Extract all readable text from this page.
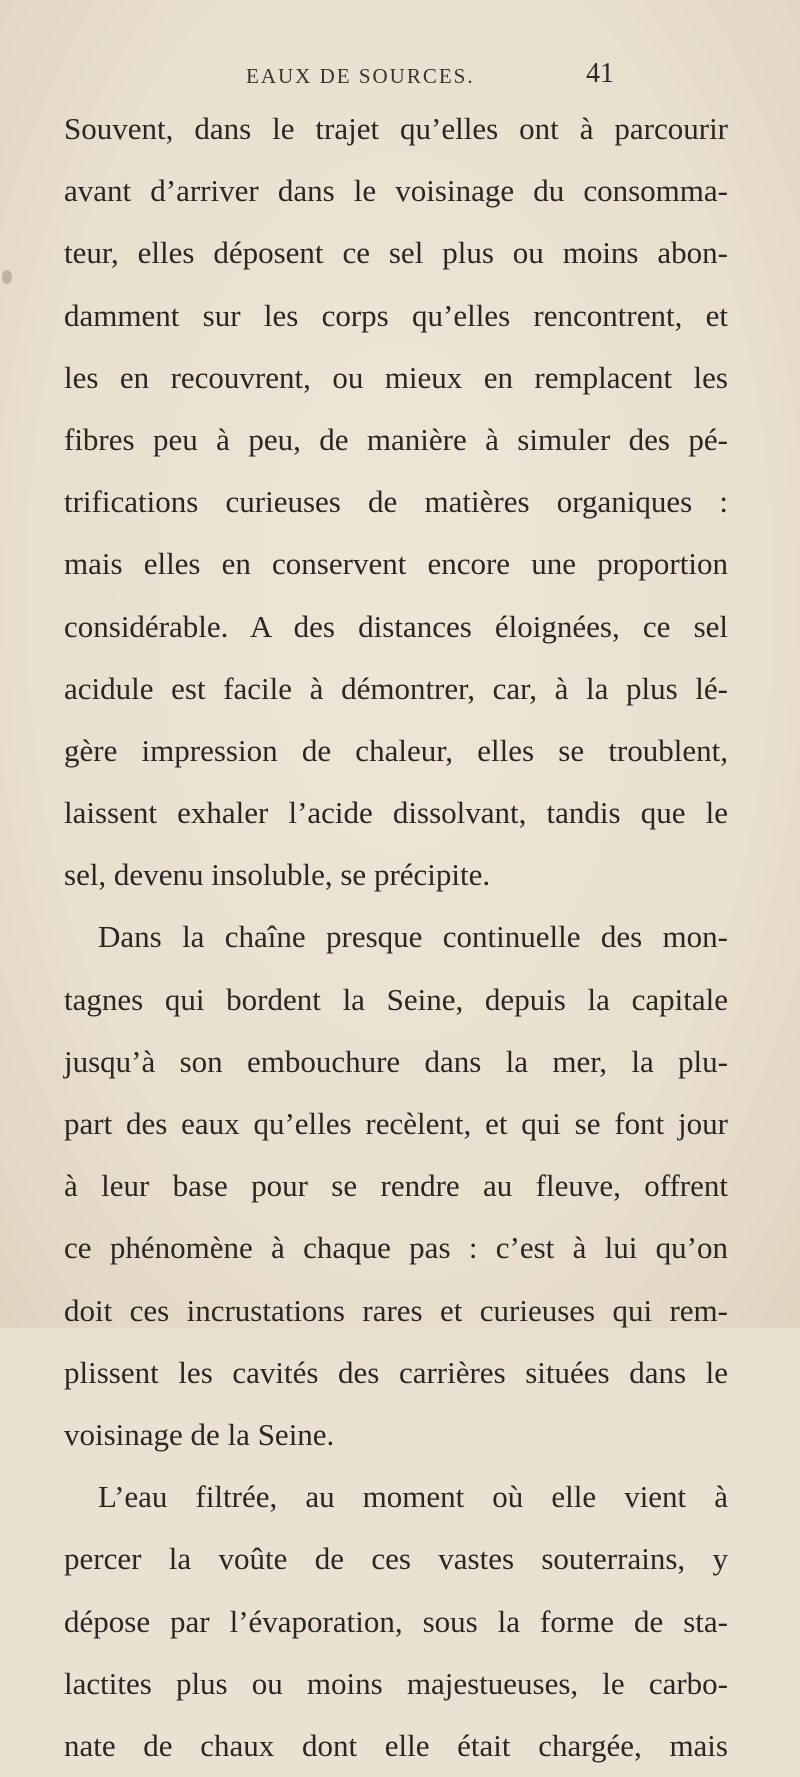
EAUX DE SOURCES.	41
Souvent, dans le trajet qu’elles ont à parcourir
avant d’arriver dans le voisinage du consomma-
teur, elles déposent ce sel plus ou moins abon-
damment sur les corps qu’elles rencontrent, et
les en recouvrent, ou mieux en remplacent les
fibres peu à peu, de manière à simuler des pé-
trifications curieuses de matières organiques :
mais elles en conservent encore une proportion
considérable. A des distances éloignées, ce sel
acidule est facile à démontrer, car, à la plus lé-
gère impression de chaleur, elles se troublent,
laissent exhaler l’acide dissolvant, tandis que le
sel, devenu insoluble, se précipite.
Dans la chaîne presque continuelle des mon-
tagnes qui bordent la Seine, depuis la capitale
jusqu’à son embouchure dans la mer, la plu-
part des eaux qu’elles recèlent, et qui se font jour
à leur base pour se rendre au fleuve, offrent
ce phénomène à chaque pas : c’est à lui qu’on
doit ces incrustations rares et curieuses qui rem-
plissent les cavités des carrières situées dans le
voisinage de la Seine.
L’eau filtrée, au moment où elle vient à
percer la voûte de ces vastes souterrains, y
dépose par l’évaporation, sous la forme de sta-
lactites plus ou moins majestueuses, le carbo-
nate de chaux dont elle était chargée, mais
